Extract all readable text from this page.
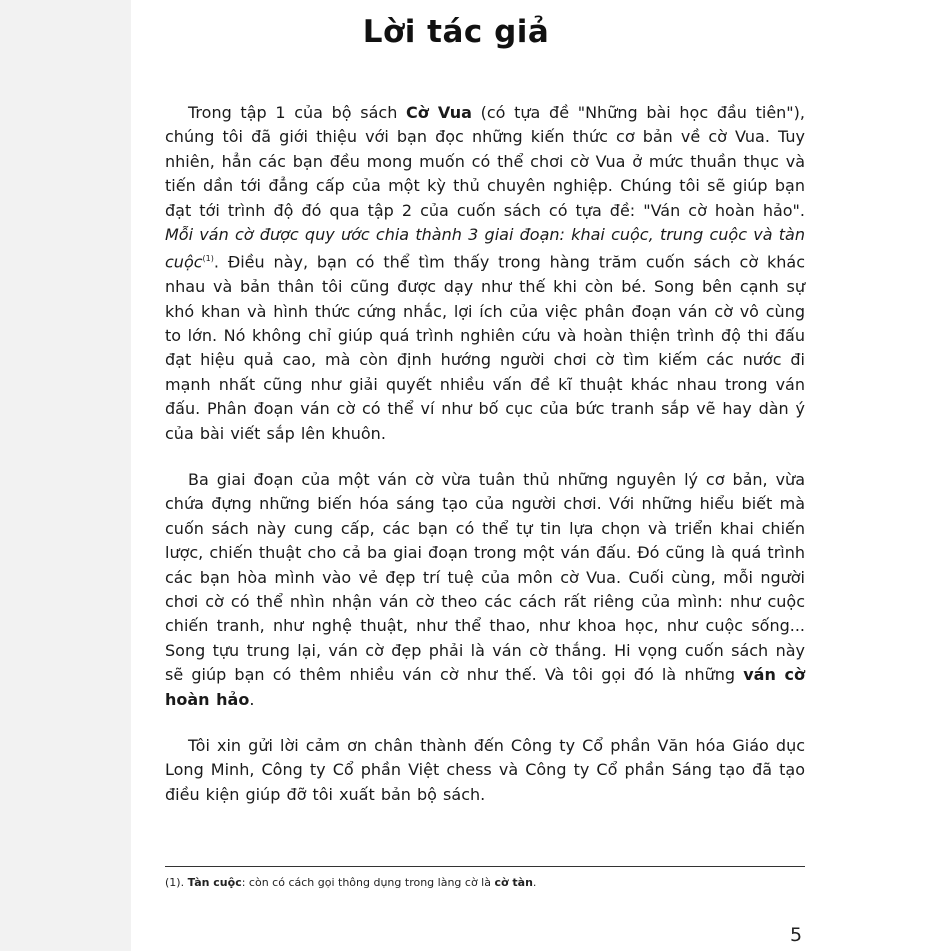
Lời tác giả

Trong tập 1 của bộ sách Cờ Vua (có tựa đề "Những bài học đầu tiên"), chúng tôi đã giới thiệu với bạn đọc những kiến thức cơ bản về cờ Vua. Tuy nhiên, hẳn các bạn đều mong muốn có thể chơi cờ Vua ở mức thuần thục và tiến dần tới đẳng cấp của một kỳ thủ chuyên nghiệp. Chúng tôi sẽ giúp bạn đạt tới trình độ đó qua tập 2 của cuốn sách có tựa đề: "Ván cờ hoàn hảo". Mỗi ván cờ được quy ước chia thành 3 giai đoạn: khai cuộc, trung cuộc và tàn cuộc$^{(1)}$. Điều này, bạn có thể tìm thấy trong hàng trăm cuốn sách cờ khác nhau và bản thân tôi cũng được dạy như thế khi còn bé. Song bên cạnh sự khó khan và hình thức cứng nhắc, lợi ích của việc phân đoạn ván cờ vô cùng to lớn. Nó không chỉ giúp quá trình nghiên cứu và hoàn thiện trình độ thi đấu đạt hiệu quả cao, mà còn định hướng người chơi cờ tìm kiếm các nước đi mạnh nhất cũng như giải quyết nhiều vấn đề kĩ thuật khác nhau trong ván đấu. Phân đoạn ván cờ có thể ví như bố cục của bức tranh sắp vẽ hay dàn ý của bài viết sắp lên khuôn.

Ba giai đoạn của một ván cờ vừa tuân thủ những nguyên lý cơ bản, vừa chứa đựng những biến hóa sáng tạo của người chơi. Với những hiểu biết mà cuốn sách này cung cấp, các bạn có thể tự tin lựa chọn và triển khai chiến lược, chiến thuật cho cả ba giai đoạn trong một ván đấu. Đó cũng là quá trình các bạn hòa mình vào vẻ đẹp trí tuệ của môn cờ Vua. Cuối cùng, mỗi người chơi cờ có thể nhìn nhận ván cờ theo các cách rất riêng của mình: như cuộc chiến tranh, như nghệ thuật, như thể thao, như khoa học, như cuộc sống... Song tựu trung lại, ván cờ đẹp phải là ván cờ thắng. Hi vọng cuốn sách này sẽ giúp bạn có thêm nhiều ván cờ như thế. Và tôi gọi đó là những ván cờ hoàn hảo.

Tôi xin gửi lời cảm ơn chân thành đến Công ty Cổ phần Văn hóa Giáo dục Long Minh, Công ty Cổ phần Việt chess và Công ty Cổ phần Sáng tạo đã tạo điều kiện giúp đỡ tôi xuất bản bộ sách.

(1). Tàn cuộc: còn có cách gọi thông dụng trong làng cờ là cờ tàn.
5
